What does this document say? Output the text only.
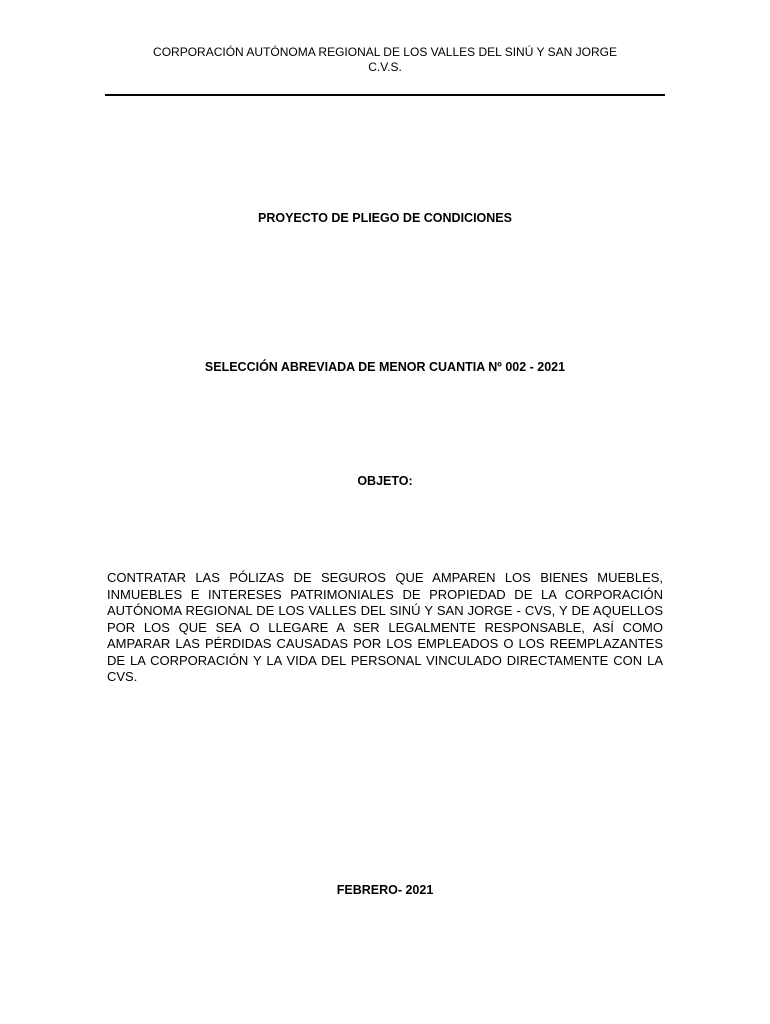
CORPORACIÓN AUTÓNOMA REGIONAL DE LOS VALLES DEL SINÚ Y SAN JORGE
C.V.S.
PROYECTO DE PLIEGO DE CONDICIONES
SELECCIÓN ABREVIADA DE MENOR CUANTIA Nº 002 - 2021
OBJETO:
CONTRATAR LAS PÓLIZAS DE SEGUROS QUE AMPAREN LOS BIENES MUEBLES, INMUEBLES E INTERESES PATRIMONIALES DE PROPIEDAD DE LA CORPORACIÓN AUTÓNOMA REGIONAL DE LOS VALLES DEL SINÚ Y SAN JORGE - CVS, Y DE AQUELLOS POR LOS QUE SEA O LLEGARE A SER LEGALMENTE RESPONSABLE, ASÍ COMO AMPARAR LAS PÉRDIDAS CAUSADAS POR LOS EMPLEADOS O LOS REEMPLAZANTES DE LA CORPORACIÓN Y LA VIDA DEL PERSONAL VINCULADO DIRECTAMENTE CON LA CVS.
FEBRERO- 2021
